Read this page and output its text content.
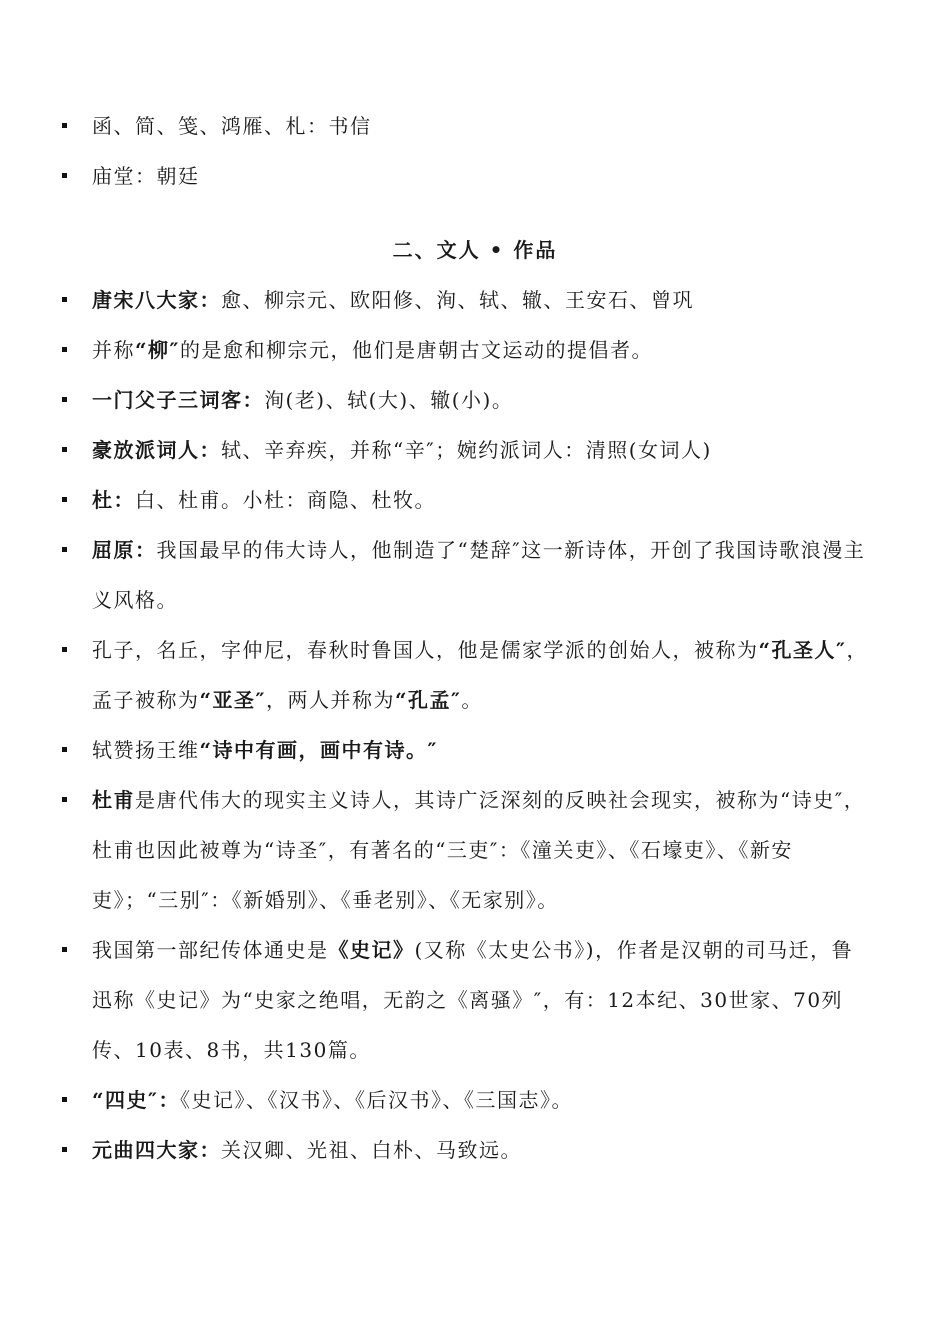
函、简、笺、鸿雁、札：书信
庙堂：朝廷
二、文人 • 作品
唐宋八大家：愈、柳宗元、欧阳修、洵、轼、辙、王安石、曾巩
并称“柳″的是愈和柳宗元，他们是唐朝古文运动的提倡者。
一门父子三词客：洵(老)、轼(大)、辙(小)。
豪放派词人：轼、辛弃疾，并称“辛″；婉约派词人：清照(女词人)
杜：白、杜甫。小杜：商隐、杜牧。
屈原：我国最早的伟大诗人，他制造了“楚辞″这一新诗体，开创了我国诗歌浪漫主义风格。
孔子，名丘，字仲尼，春秋时鲁国人，他是儒家学派的创始人，被称为“孔圣人″，孟子被称为“亚圣″，两人并称为“孔孟″。
轼赞扬王维“诗中有画，画中有诗。″
杜甫是唐代伟大的现实主义诗人，其诗广泛深刻的反映社会现实，被称为“诗史″，杜甫也因此被尊为“诗圣″，有著名的“三吏″：《潼关吏》、《石壕吏》、《新安吏》；“三别″：《新婚别》、《垂老别》、《无家别》。
我国第一部纪传体通史是《史记》(又称《太史公书》)，作者是汉朝的司马迁，鲁迅称《史记》为“史家之绝唱，无韵之《离骚》″，有：12本纪、30世家、70列传、10表、8书，共130篇。
“四史″：《史记》、《汉书》、《后汉书》、《三国志》。
元曲四大家：关汉卿、光祖、白朴、马致远。
